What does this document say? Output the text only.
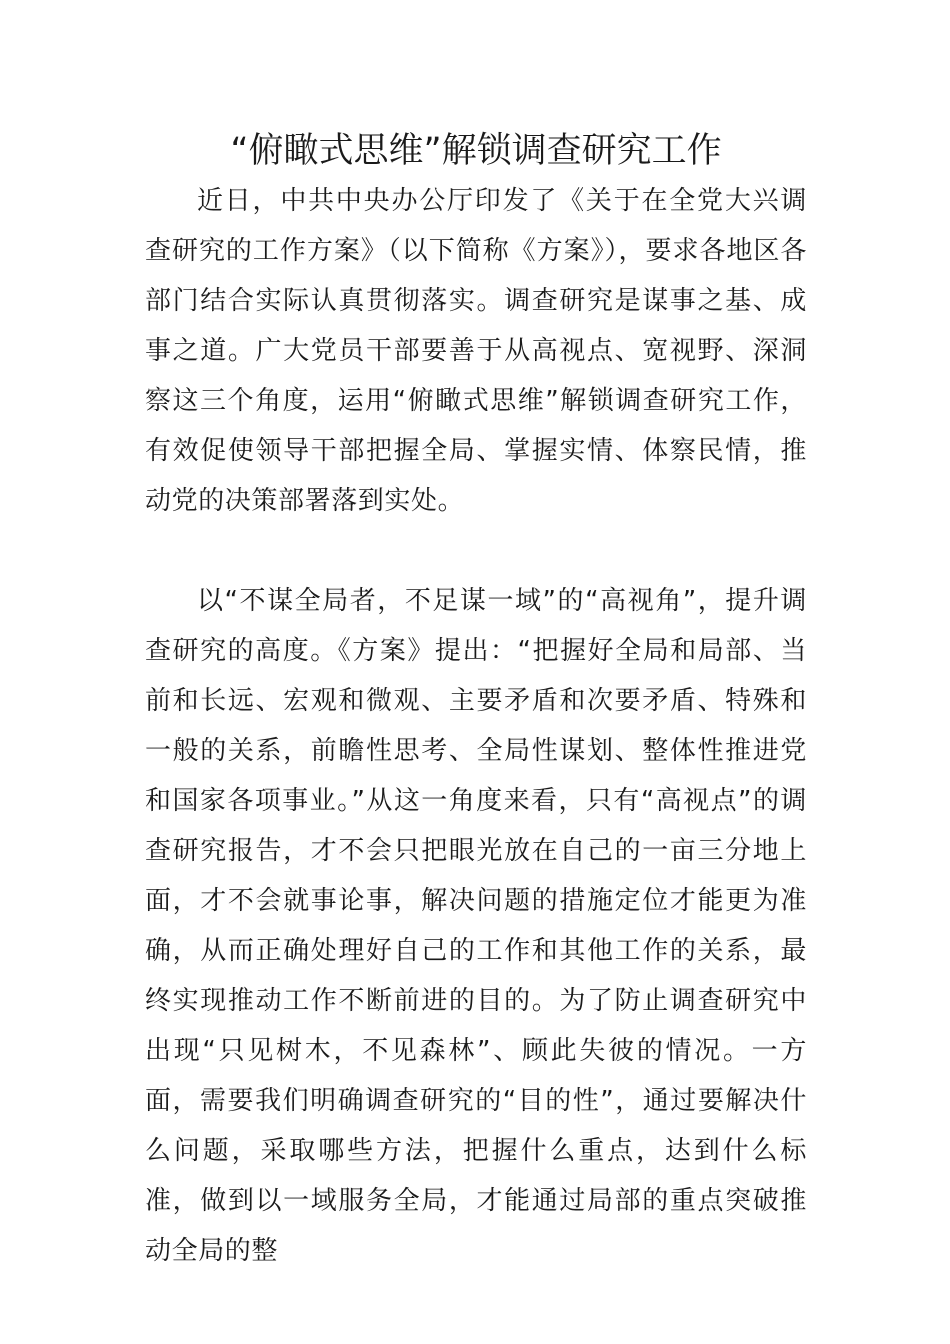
“俯瞰式思维”解锁调查研究工作

近日，中共中央办公厅印发了《关于在全党大兴调查研究的工作方案》（以下简称《方案》），要求各地区各部门结合实际认真贯彻落实。调查研究是谋事之基、成事之道。广大党员干部要善于从高视点、宽视野、深洞察这三个角度，运用“俯瞰式思维”解锁调查研究工作，有效促使领导干部把握全局、掌握实情、体察民情，推动党的决策部署落到实处。

以“不谋全局者，不足谋一域”的“高视角”，提升调查研究的高度。《方案》提出：“把握好全局和局部、当前和长远、宏观和微观、主要矛盾和次要矛盾、特殊和一般的关系，前瞻性思考、全局性谋划、整体性推进党和国家各项事业。”从这一角度来看，只有“高视点”的调查研究报告，才不会只把眼光放在自己的一亩三分地上面，才不会就事论事，解决问题的措施定位才能更为准确，从而正确处理好自己的工作和其他工作的关系，最终实现推动工作不断前进的目的。为了防止调查研究中出现“只见树木，不见森林”、顾此失彼的情况。一方面，需要我们明确调查研究的“目的性”，通过要解决什么问题，采取哪些方法，把握什么重点，达到什么标准，做到以一域服务全局，才能通过局部的重点突破推动全局的整
